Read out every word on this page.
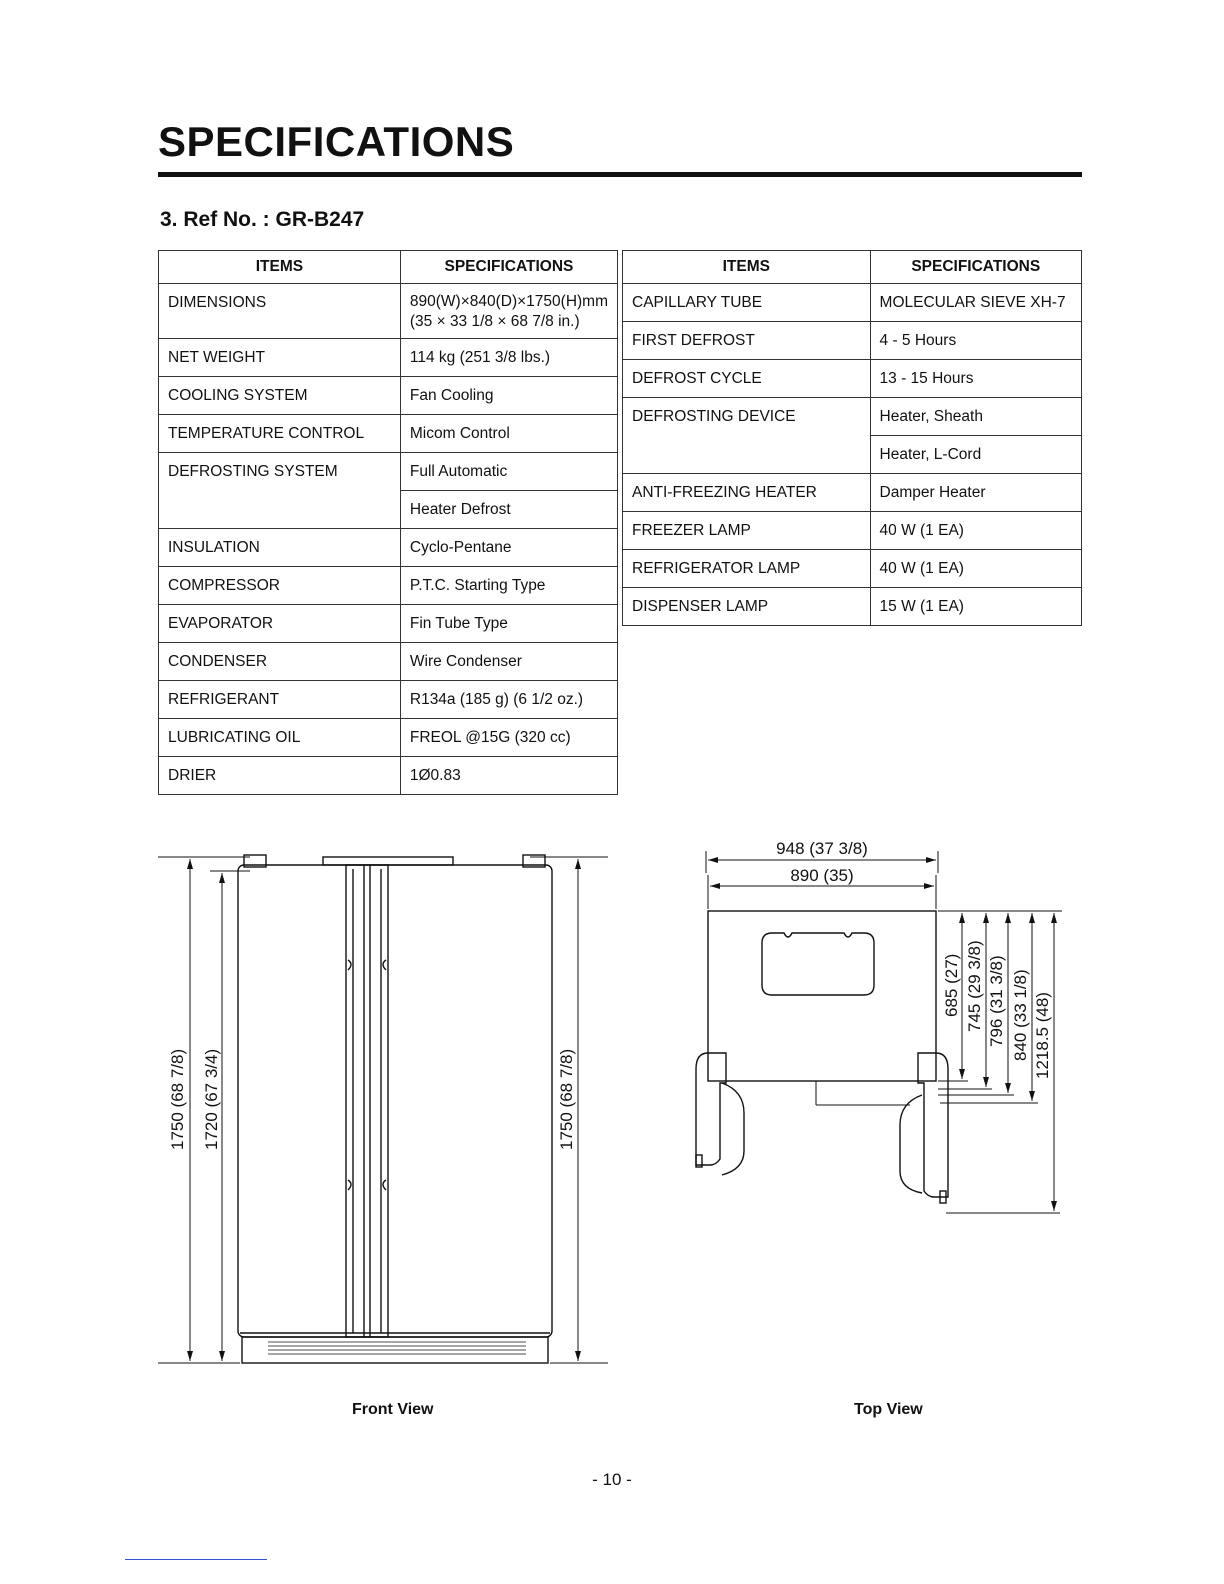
SPECIFICATIONS
3. Ref No. : GR-B247
ITEMS	SPECIFICATIONS
DIMENSIONS	890(W)×840(D)×1750(H)mm
(35 × 33 1/8 × 68 7/8 in.)

NET WEIGHT	114 kg (251 3/8 lbs.)
COOLING SYSTEM	Fan Cooling
TEMPERATURE CONTROL	Micom Control
DEFROSTING SYSTEM	Full Automatic
	Heater Defrost
INSULATION	Cyclo-Pentane
COMPRESSOR	P.T.C. Starting Type
EVAPORATOR	Fin Tube Type
CONDENSER	Wire Condenser
REFRIGERANT	R134a (185 g) (6 1/2 oz.)
LUBRICATING OIL	FREOL @15G (320 cc)
DRIER	1Ø0.83
ITEMS	SPECIFICATIONS
CAPILLARY TUBE	MOLECULAR SIEVE XH-7
FIRST DEFROST	4 - 5 Hours
DEFROST CYCLE	13 - 15 Hours
DEFROSTING DEVICE	Heater, Sheath
	Heater, L-Cord
ANTI-FREEZING HEATER	Damper Heater
FREEZER LAMP	40 W (1 EA)
REFRIGERATOR LAMP	40 W (1 EA)
DISPENSER LAMP	15 W (1 EA)
1750 (68 7/8) 1720 (67 3/4)	1750 (68 7/8)
948 (37 3/8)
890 (35)
685 (27) 745 (29 3/8) 796 (31 3/8) 840 (33 1/8) 1218.5 (48)
Front View	Top View
- 10 -
